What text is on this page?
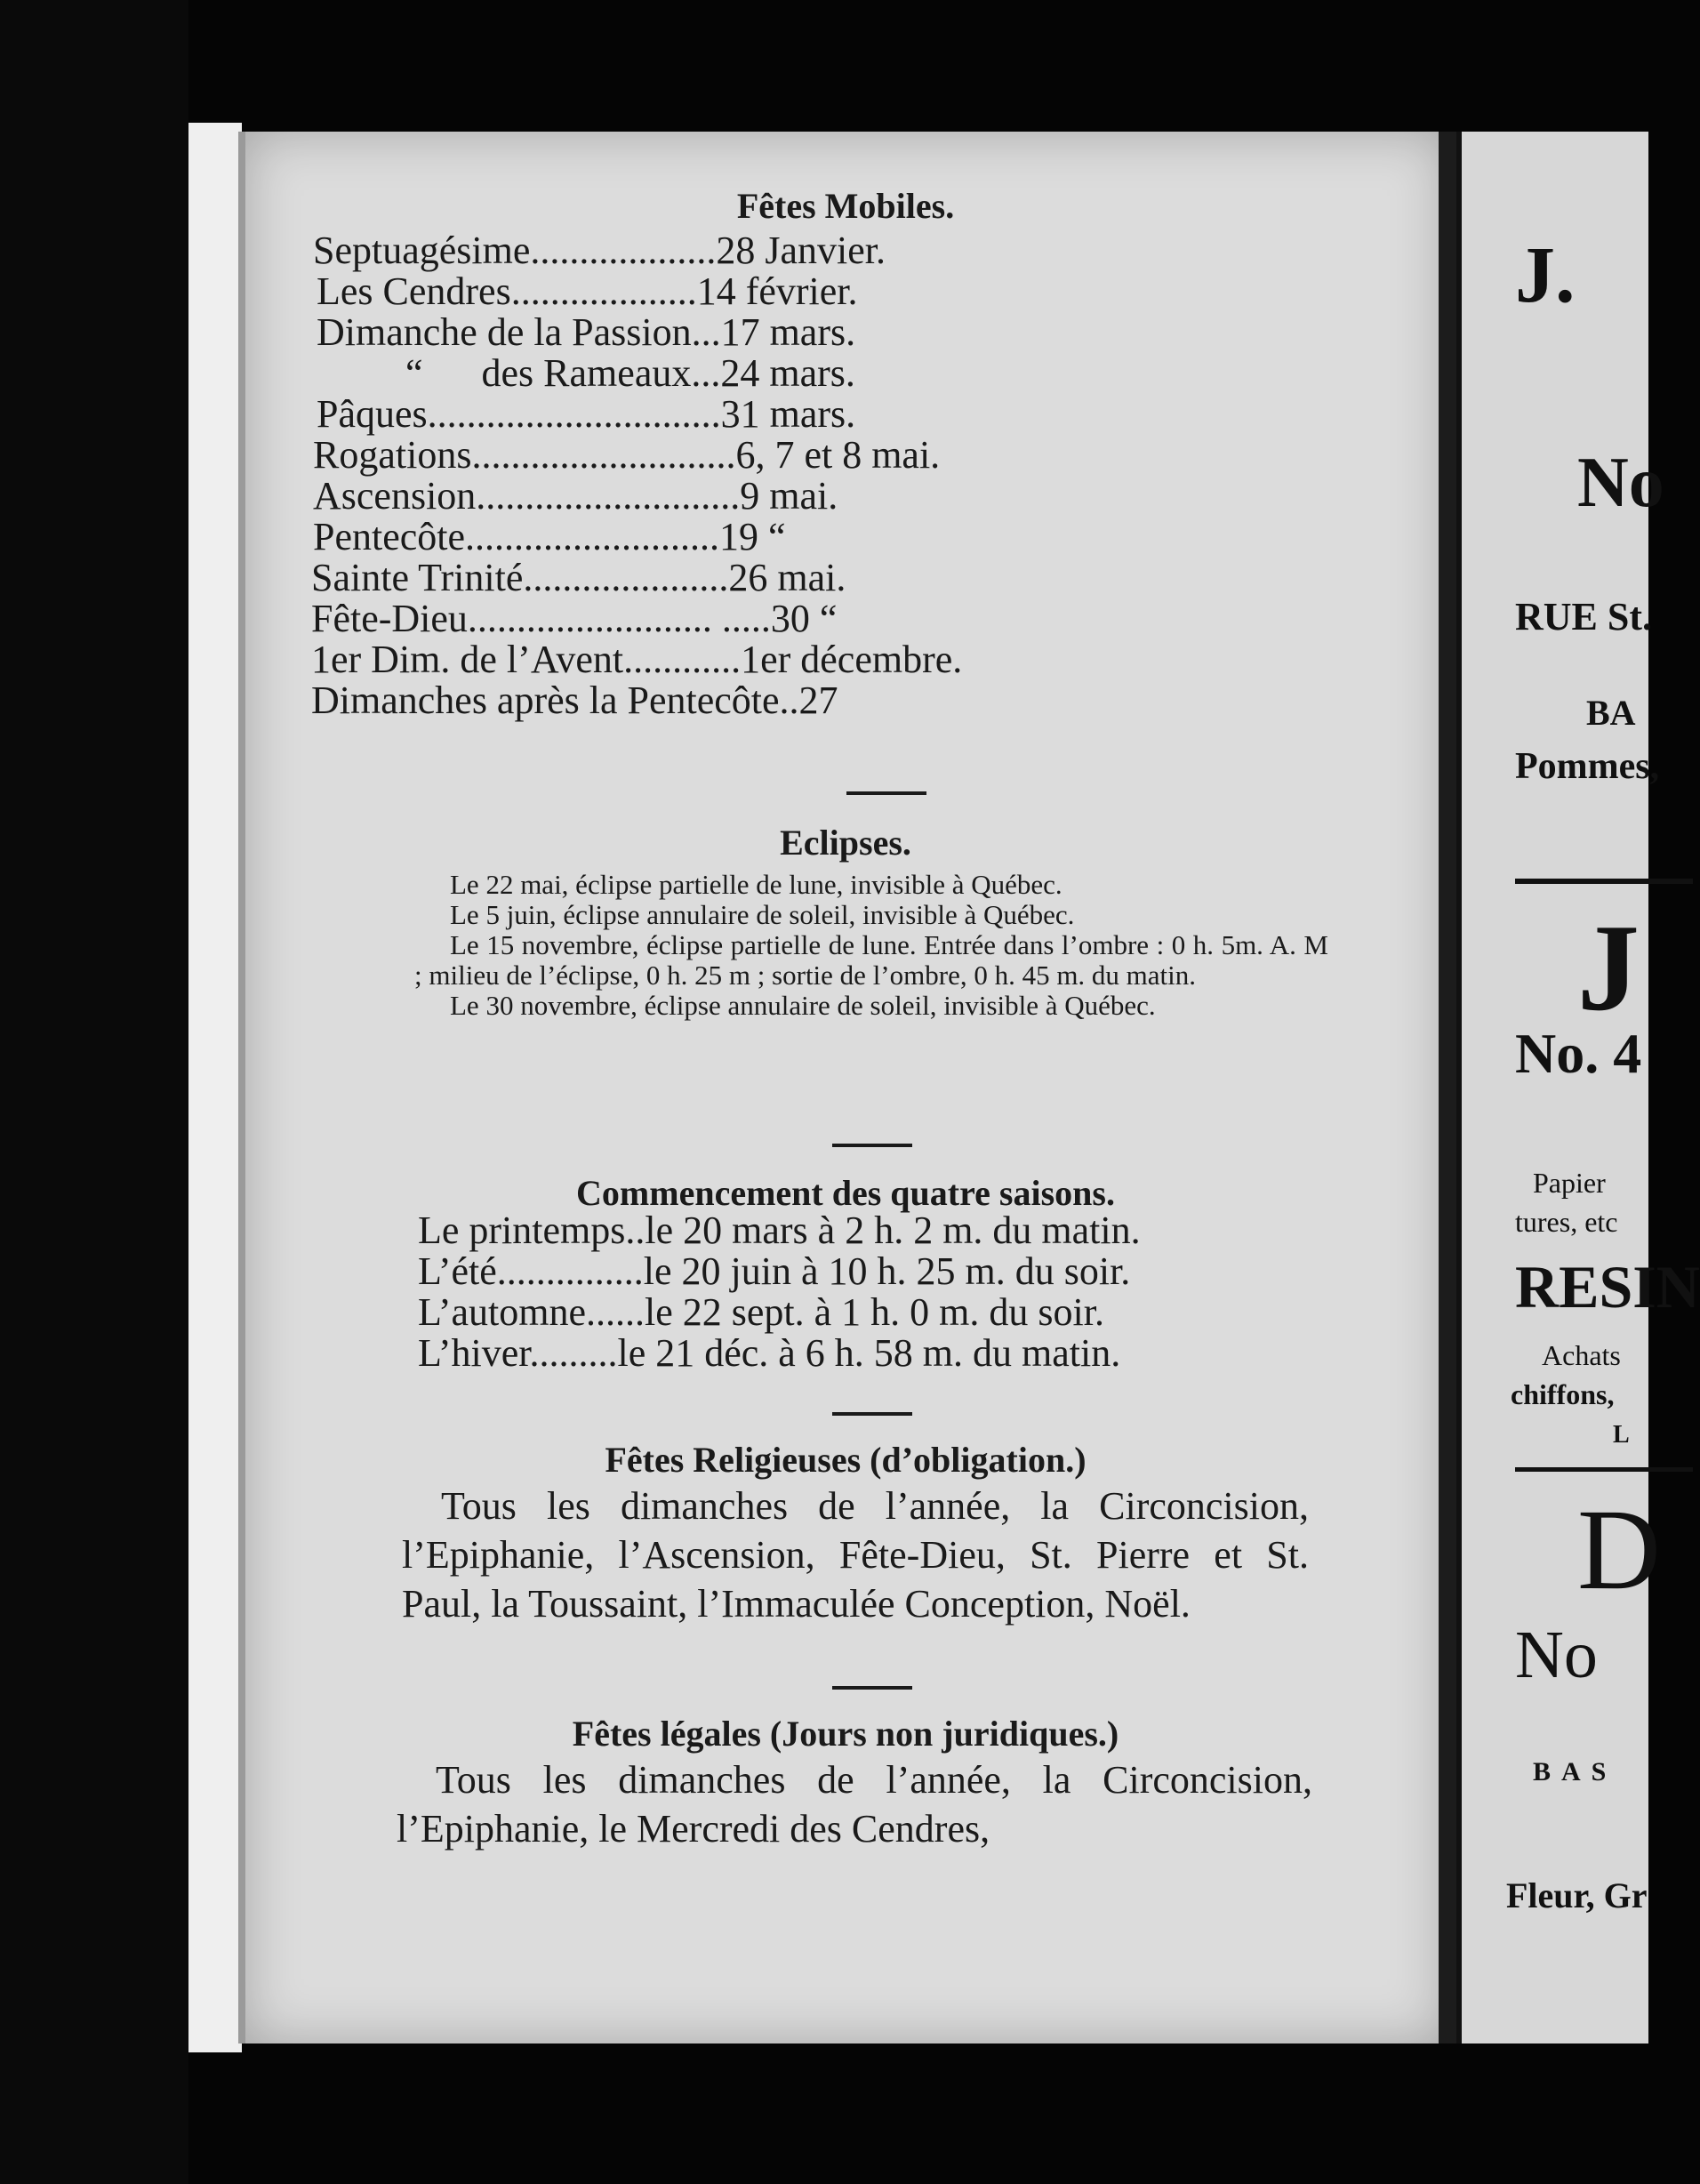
Fêtes Mobiles.
Eclipses.

Le 22 mai, éclipse partielle de lune, invisible à Québec.

Le 5 juin, éclipse annulaire de soleil, invisible à Québec.

Le 15 novembre, éclipse partielle de lune. Entrée dans l’ombre : 0 h. 5m. A. M ; milieu de l’éclipse, 0 h. 25 m ; sortie de l’ombre, 0 h. 45 m. du matin.

Le 30 novembre, éclipse annulaire de soleil, invisible à Québec.

Commencement des quatre saisons.
Fêtes Religieuses (d’obligation.)
Tous les dimanches de l’année, la Circoncision, l’Epiphanie, l’Ascension, Fête-Dieu, St. Pierre et St. Paul, la Toussaint, l’Immaculée Conception, Noël.
Fêtes légales (Jours non juridiques.)
Tous les dimanches de l’année, la Circoncision, l’Epiphanie, le Mercredi des Cendres,
Septuagésime...................28 Janvier.
Les Cendres...................14 février.
Dimanche de la Passion...17 mars.
“      des Rameaux...24 mars.
Pâques..............................31 mars.
Rogations...........................6, 7 et 8 mai.
Ascension...........................9 mai.
Pentecôte..........................19 “
Sainte Trinité.....................26 mai.
Fête-Dieu......................... .....30 “
1er Dim. de l’Avent............1er décembre.
Dimanches après la Pentecôte..27
Le printemps..le 20 mars à 2 h. 2 m. du matin.
L’été...............le 20 juin à 10 h. 25 m. du soir.
L’automne......le 22 sept. à 1 h. 0 m. du soir.
L’hiver.........le 21 déc. à 6 h. 58 m. du matin.
J.
No
RUE St.
BA
Pommes,
J
No. 4
Papier
tures, etc
RESIN
Achats
chiffons,
L
D
No
BAS
Fleur, Gr
